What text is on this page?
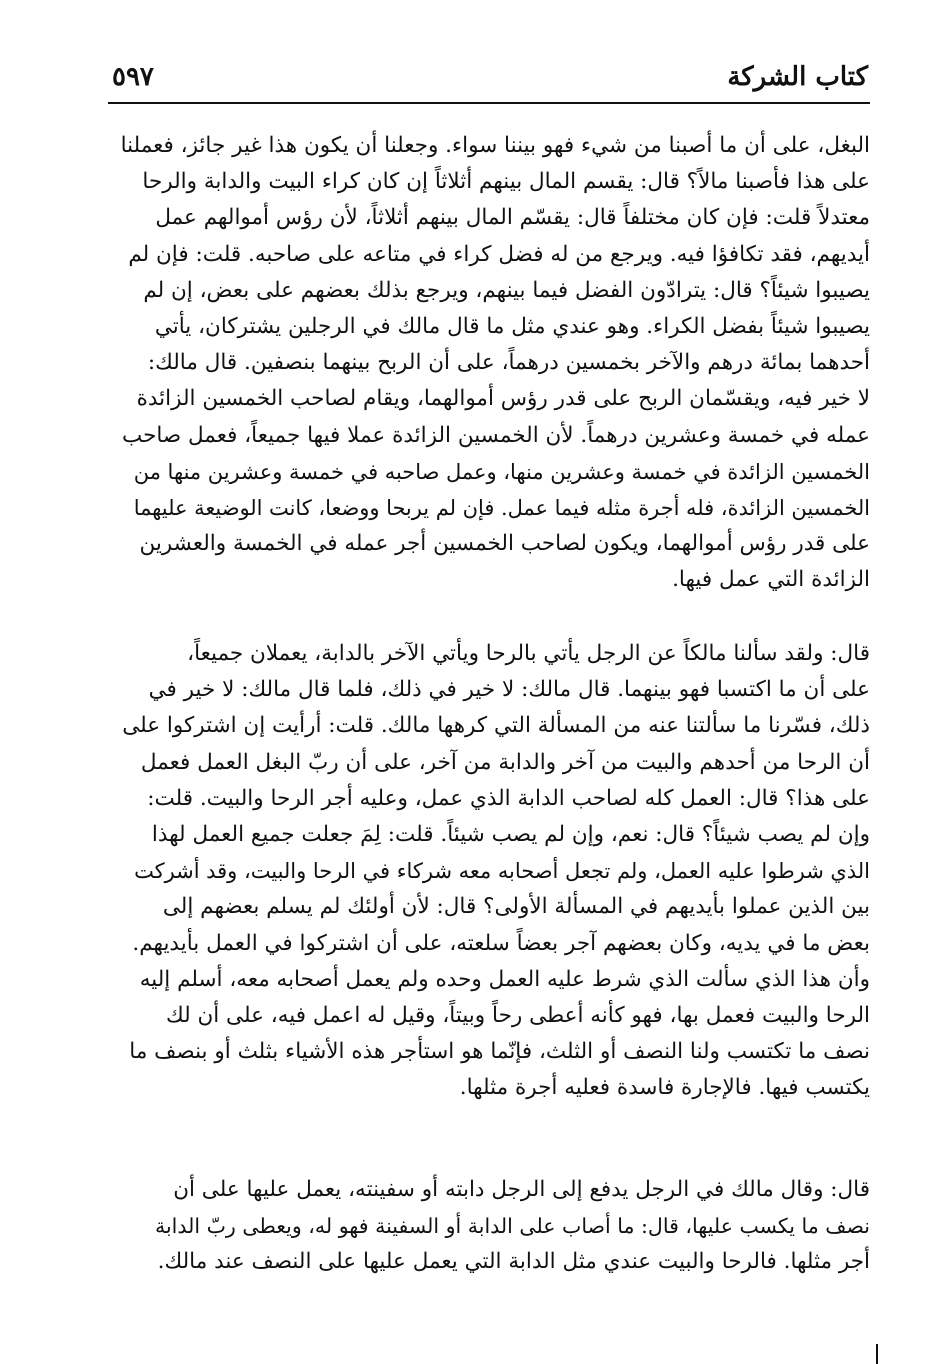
كتاب الشركة
٥٩٧
البغل، على أن ما أصبنا من شيء فهو بيننا سواء. وجعلنا أن يكون هذا غير جائز، فعملنا
على هذا فأصبنا مالاً؟ قال: يقسم المال بينهم أثلاثاً إن كان كراء البيت والدابة والرحا
معتدلاً قلت: فإن كان مختلفاً قال: يقسّم المال بينهم أثلاثاً، لأن رؤس أموالهم عمل
أيديهم، فقد تكافؤا فيه. ويرجع من له فضل كراء في متاعه على صاحبه. قلت: فإن لم
يصيبوا شيئاً؟ قال: يترادّون الفضل فيما بينهم، ويرجع بذلك بعضهم على بعض، إن لم
يصيبوا شيئاً بفضل الكراء. وهو عندي مثل ما قال مالك في الرجلين يشتركان، يأتي
أحدهما بمائة درهم والآخر بخمسين درهماً، على أن الربح بينهما بنصفين. قال مالك:
لا خير فيه، ويقسّمان الربح على قدر رؤس أموالهما، ويقام لصاحب الخمسين الزائدة
عمله في خمسة وعشرين درهماً. لأن الخمسين الزائدة عملا فيها جميعاً، فعمل صاحب
الخمسين الزائدة في خمسة وعشرين منها، وعمل صاحبه في خمسة وعشرين منها من
الخمسين الزائدة، فله أجرة مثله فيما عمل. فإن لم يربحا ووضعا، كانت الوضيعة عليهما
على قدر رؤس أموالهما، ويكون لصاحب الخمسين أجر عمله في الخمسة والعشرين
الزائدة التي عمل فيها.
قال: ولقد سألنا مالكاً عن الرجل يأتي بالرحا ويأتي الآخر بالدابة، يعملان جميعاً،
على أن ما اكتسبا فهو بينهما. قال مالك: لا خير في ذلك، فلما قال مالك: لا خير في
ذلك، فسّرنا ما سألتنا عنه من المسألة التي كرهها مالك. قلت: أرأيت إن اشتركوا على
أن الرحا من أحدهم والبيت من آخر والدابة من آخر، على أن ربّ البغل العمل فعمل
على هذا؟ قال: العمل كله لصاحب الدابة الذي عمل، وعليه أجر الرحا والبيت. قلت:
وإن لم يصب شيئاً؟ قال: نعم، وإن لم يصب شيئاً. قلت: لِمَ جعلت جميع العمل لهذا
الذي شرطوا عليه العمل، ولم تجعل أصحابه معه شركاء في الرحا والبيت، وقد أشركت
بين الذين عملوا بأيديهم في المسألة الأولى؟ قال: لأن أولئك لم يسلم بعضهم إلى
بعض ما في يديه، وكان بعضهم آجر بعضاً سلعته، على أن اشتركوا في العمل بأيديهم.
وأن هذا الذي سألت الذي شرط عليه العمل وحده ولم يعمل أصحابه معه، أسلم إليه
الرحا والبيت فعمل بها، فهو كأنه أعطى رحاً وبيتاً، وقيل له اعمل فيه، على أن لك
نصف ما تكتسب ولنا النصف أو الثلث، فإنّما هو استأجر هذه الأشياء بثلث أو بنصف ما
يكتسب فيها. فالإجارة فاسدة فعليه أجرة مثلها.
قال: وقال مالك في الرجل يدفع إلى الرجل دابته أو سفينته، يعمل عليها على أن
نصف ما يكسب عليها، قال: ما أصاب على الدابة أو السفينة فهو له، ويعطى ربّ الدابة
أجر مثلها. فالرحا والبيت عندي مثل الدابة التي يعمل عليها على النصف عند مالك.
